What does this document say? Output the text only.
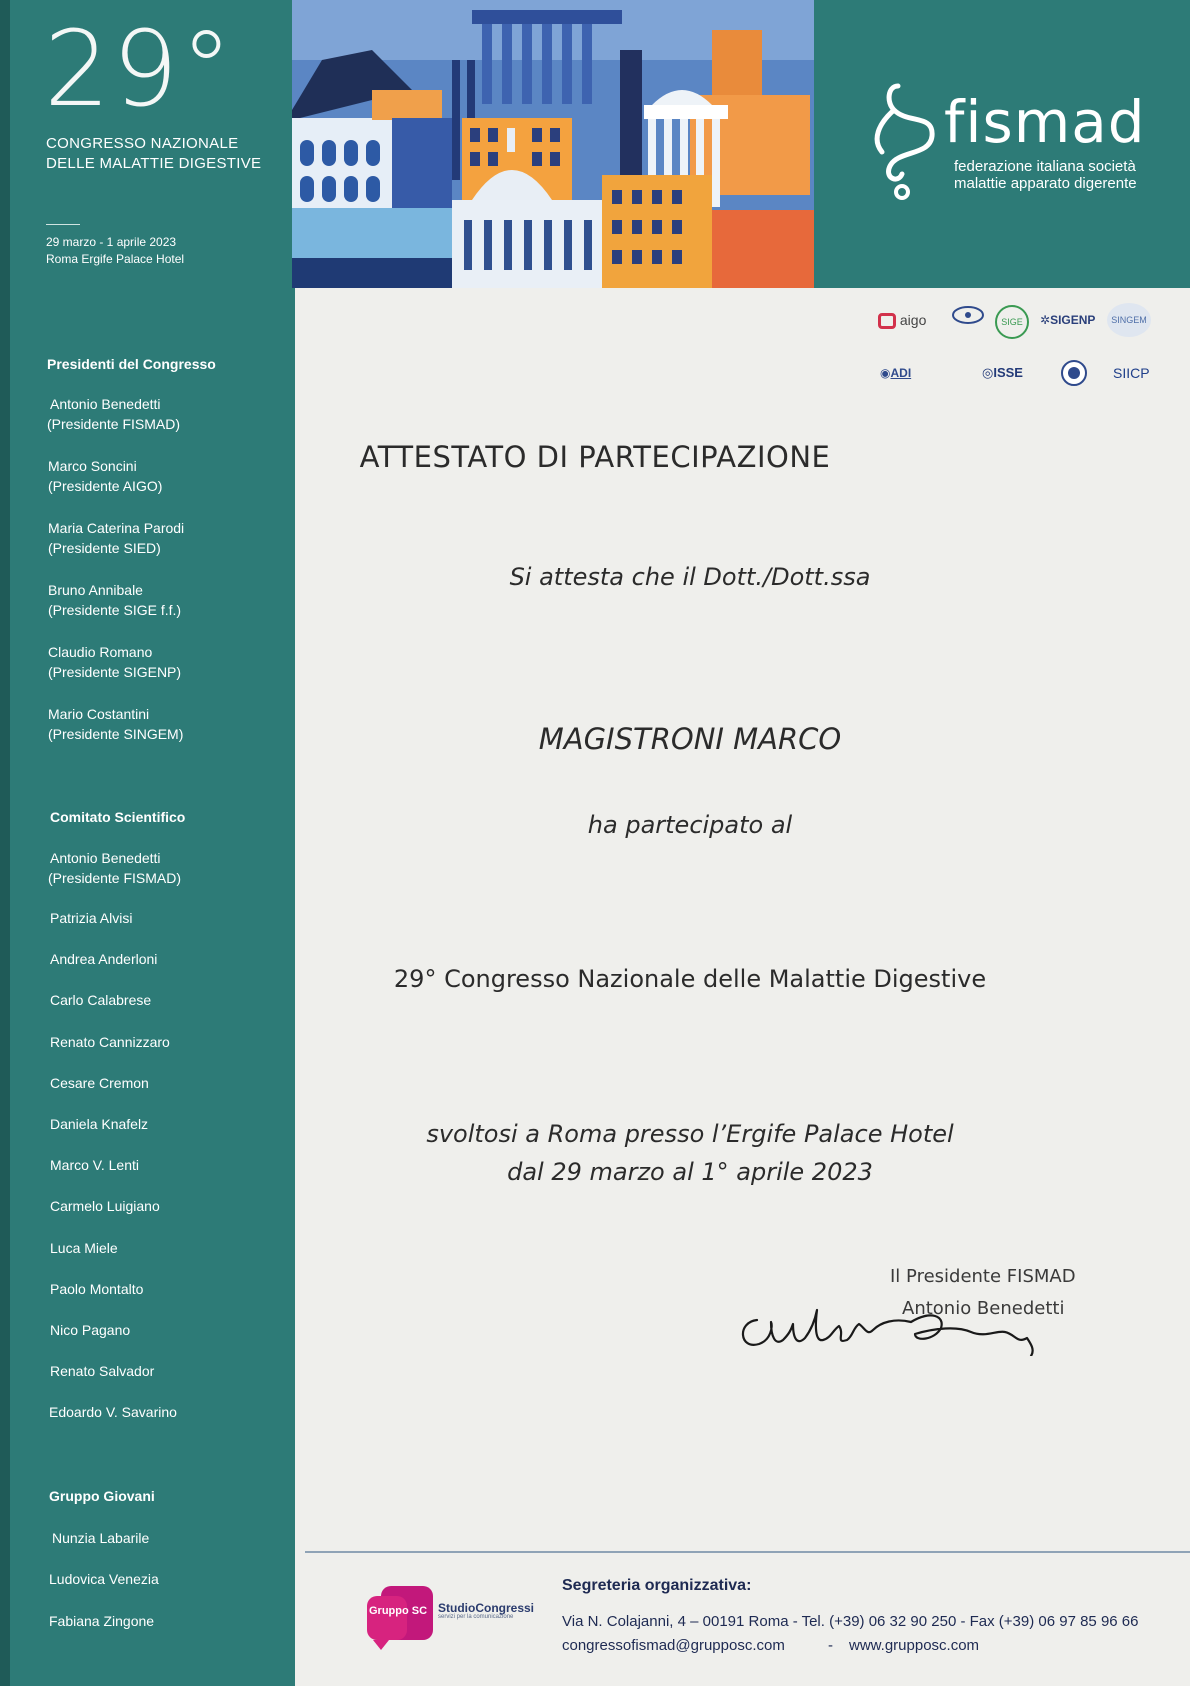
29°
CONGRESSO NAZIONALE
DELLE MALATTIE DIGESTIVE
29 marzo - 1 aprile 2023
Roma Ergife Palace Hotel
Presidenti del Congresso
Antonio Benedetti
(Presidente FISMAD)
Marco Soncini
(Presidente AIGO)
Maria Caterina Parodi
(Presidente SIED)
Bruno Annibale
(Presidente SIGE f.f.)
Claudio Romano
(Presidente SIGENP)
Mario Costantini
(Presidente SINGEM)
Comitato Scientifico
Antonio Benedetti
(Presidente FISMAD)
Patrizia Alvisi
Andrea Anderloni
Carlo Calabrese
Renato Cannizzaro
Cesare Cremon
Daniela Knafelz
Marco V. Lenti
Carmelo Luigiano
Luca Miele
Paolo Montalto
Nico Pagano
Renato Salvador
Edoardo V. Savarino
Gruppo Giovani
Nunzia Labarile
Ludovica Venezia
Fabiana Zingone
fismad
federazione italiana società
malattie apparato digerente
aigo	SIGE	✲SIGENP	SINGEM
◉ADI	◎ISSE	SIICP
ATTESTATO DI PARTECIPAZIONE
Si attesta che il Dott./Dott.ssa
MAGISTRONI MARCO
ha partecipato al
29° Congresso Nazionale delle Malattie Digestive
svoltosi a Roma presso l’Ergife Palace Hotel
dal 29 marzo al 1° aprile 2023
Il Presidente FISMAD
Antonio Benedetti
Gruppo SC StudioCongressi
servizi per la comunicazione
Segreteria organizzativa:
Via N. Colajanni, 4 – 00191 Roma - Tel. (+39) 06 32 90 250 - Fax (+39) 06 97 85 96 66
congressofismad@grupposc.com	- www.grupposc.com
